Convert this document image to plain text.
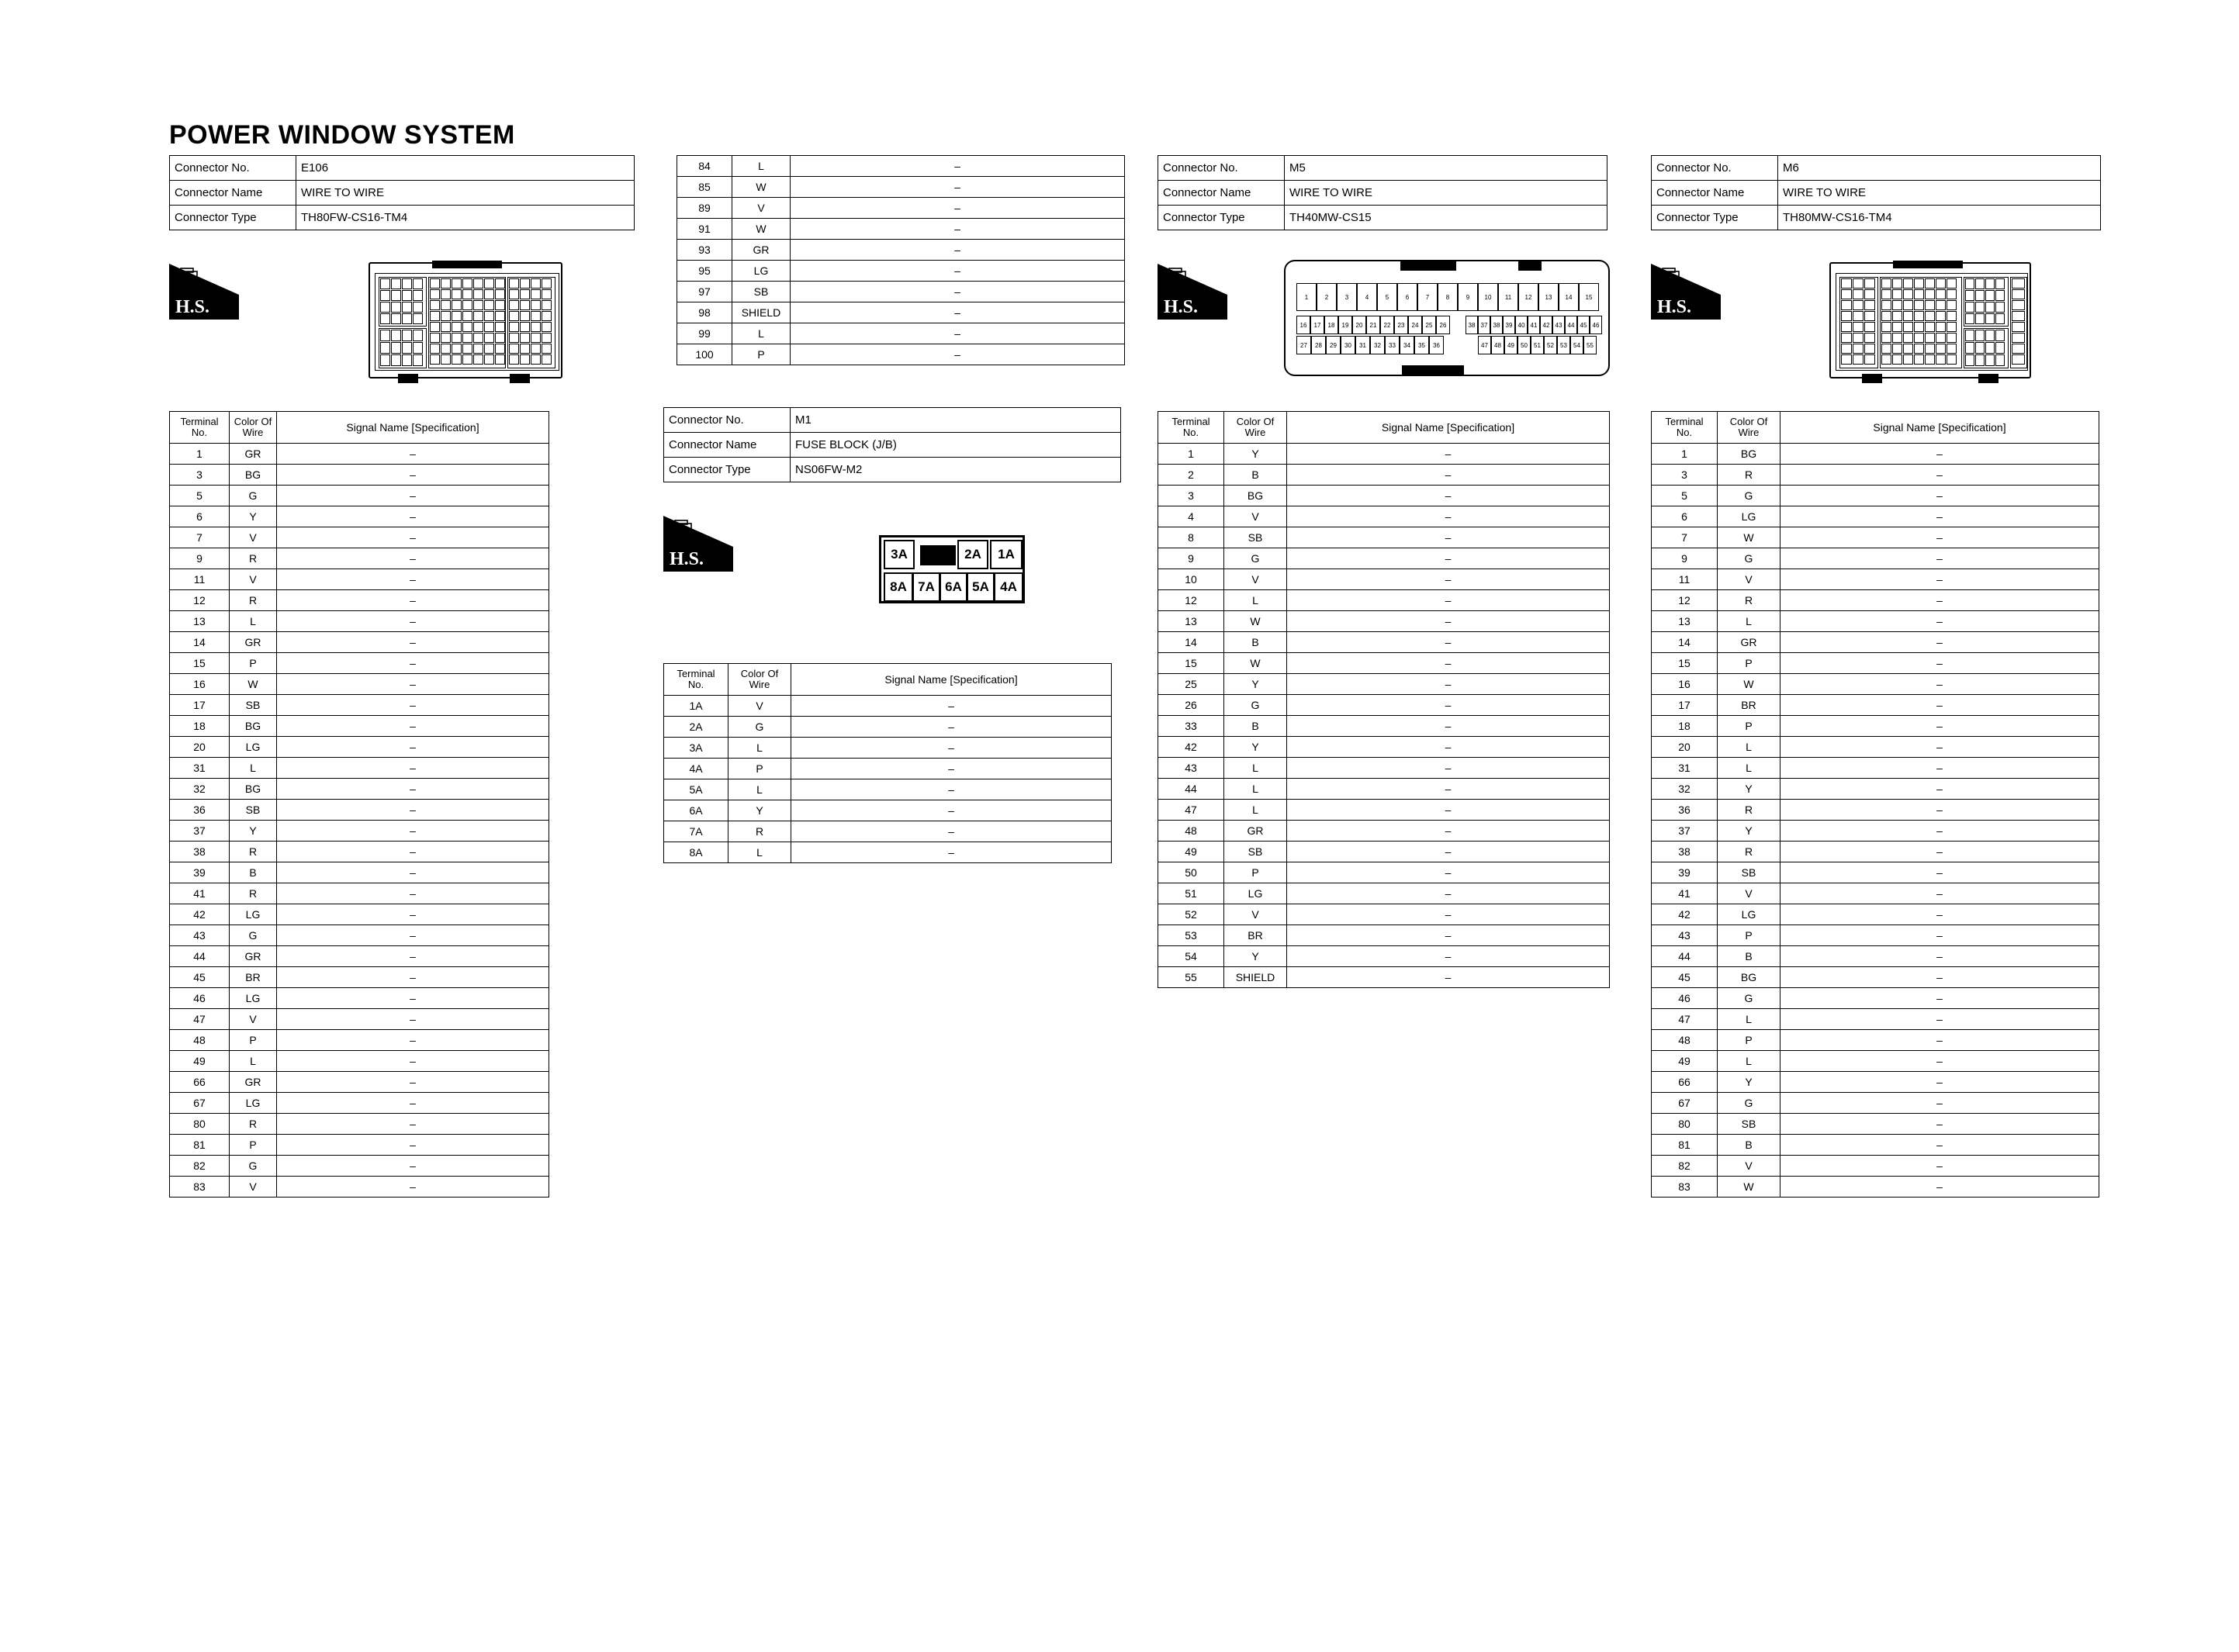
POWER WINDOW SYSTEM
Connector No.	E106
Connector Name	WIRE TO WIRE
Connector Type	TH80FW-CS16-TM4
H.S.
Terminal
No.

Color Of
Wire	Signal Name [Specification]
1	GR	–
3	BG	–
5	G	–
6	Y	–
7	V	–
9	R	–
11	V	–
12	R	–
13	L	–
14	GR	–
15	P	–
16	W	–
17	SB	–
18	BG	–
20	LG	–
31	L	–
32	BG	–
36	SB	–
37	Y	–
38	R	–
39	B	–
41	R	–
42	LG	–
43	G	–
44	GR	–
45	BR	–
46	LG	–
47	V	–
48	P	–
49	L	–
66	GR	–
67	LG	–
80	R	–
81	P	–
82	G	–
83	V	–
84	L	–
85	W	–
89	V	–
91	W	–
93	GR	–
95	LG	–
97	SB	–
98	SHIELD	–
99	L	–
100	P	–
Connector No.	M1
Connector Name	FUSE BLOCK (J/B)
Connector Type	NS06FW-M2
H.S.	3A	2A	1A
8A 7A 6A 5A 4A
Terminal
No.

Color Of
Wire	Signal Name [Specification]
1A	V	–
2A	G	–
3A	L	–
4A	P	–
5A	L	–
6A	Y	–
7A	R	–
8A	L	–
Connector No.	M5
Connector Name	WIRE TO WIRE
Connector Type	TH40MW-CS15
H.S.	1	2	3	4	5	6	7	8	9	10	11	12	13	14	15
16	17	18	19	20	21	22	23	24	25	26
27	28	29	30	31	32	33	34	35	36
38 37 38 39 40 41 42 43 44 45 46
47	48	49	50	51	52	53	54	55
Terminal
No.

Color Of
Wire	Signal Name [Specification]
1	Y	–
2	B	–
3	BG	–
4	V	–
8	SB	–
9	G	–
10	V	–
12	L	–
13	W	–
14	B	–
15	W	–
25	Y	–
26	G	–
33	B	–
42	Y	–
43	L	–
44	L	–
47	L	–
48	GR	–
49	SB	–
50	P	–
51	LG	–
52	V	–
53	BR	–
54	Y	–
55	SHIELD	–
Connector No.	M6
Connector Name	WIRE TO WIRE
Connector Type	TH80MW-CS16-TM4
H.S.
Terminal
No.

Color Of
Wire	Signal Name [Specification]
1	BG	–
3	R	–
5	G	–
6	LG	–
7	W	–
9	G	–
11	V	–
12	R	–
13	L	–
14	GR	–
15	P	–
16	W	–
17	BR	–
18	P	–
20	L	–
31	L	–
32	Y	–
36	R	–
37	Y	–
38	R	–
39	SB	–
41	V	–
42	LG	–
43	P	–
44	B	–
45	BG	–
46	G	–
47	L	–
48	P	–
49	L	–
66	Y	–
67	G	–
80	SB	–
81	B	–
82	V	–
83	W	–
